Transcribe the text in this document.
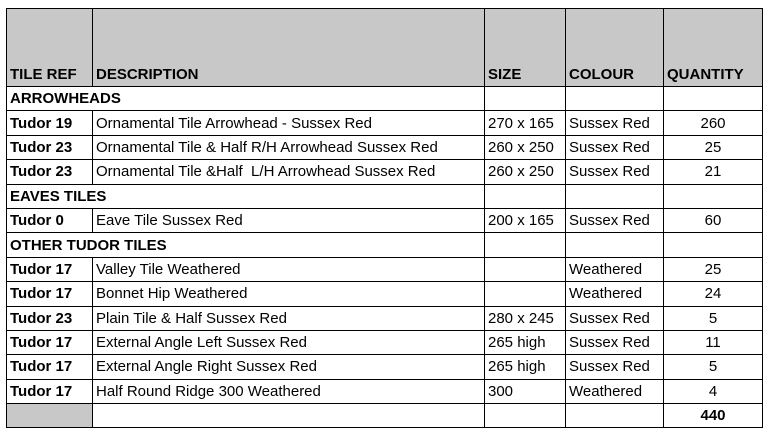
TILE REF	DESCRIPTION	SIZE	COLOUR	QUANTITY
ARROWHEADS				
Tudor 19	Ornamental Tile Arrowhead - Sussex Red	270 x 165	Sussex Red	260
Tudor 23	Ornamental Tile & Half R/H Arrowhead Sussex Red	260 x 250	Sussex Red	25
Tudor 23	Ornamental Tile &Half  L/H Arrowhead Sussex Red	260 x 250	Sussex Red	21
EAVES TILES				
Tudor 0	Eave Tile Sussex Red	200 x 165	Sussex Red	60
OTHER TUDOR TILES				
Tudor 17	Valley Tile Weathered		Weathered	25
Tudor 17	Bonnet Hip Weathered		Weathered	24
Tudor 23	Plain Tile & Half Sussex Red	280 x 245	Sussex Red	5
Tudor 17	External Angle Left Sussex Red	265 high	Sussex Red	11
Tudor 17	External Angle Right Sussex Red	265 high	Sussex Red	5
Tudor 17	Half Round Ridge 300 Weathered	300	Weathered	4
				440
